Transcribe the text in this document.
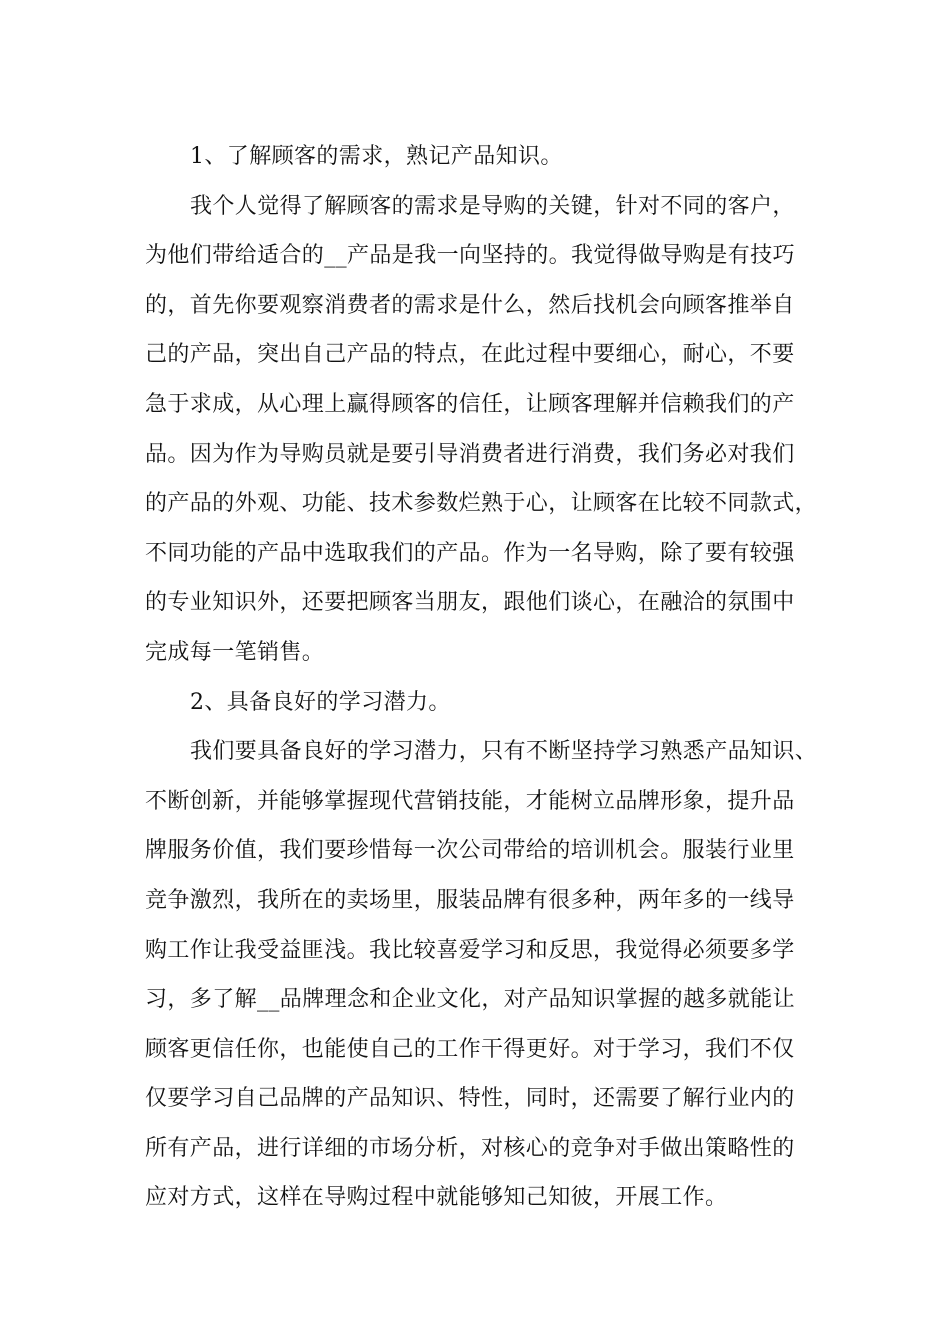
1、了解顾客的需求，熟记产品知识。
我个人觉得了解顾客的需求是导购的关键，针对不同的客户，
为他们带给适合的__产品是我一向坚持的。我觉得做导购是有技巧
的，首先你要观察消费者的需求是什么，然后找机会向顾客推举自
己的产品，突出自己产品的特点，在此过程中要细心，耐心，不要
急于求成，从心理上赢得顾客的信任，让顾客理解并信赖我们的产
品。因为作为导购员就是要引导消费者进行消费，我们务必对我们
的产品的外观、功能、技术参数烂熟于心，让顾客在比较不同款式，
不同功能的产品中选取我们的产品。作为一名导购，除了要有较强
的专业知识外，还要把顾客当朋友，跟他们谈心，在融洽的氛围中
完成每一笔销售。
2、具备良好的学习潜力。
我们要具备良好的学习潜力，只有不断坚持学习熟悉产品知识、
不断创新，并能够掌握现代营销技能，才能树立品牌形象，提升品
牌服务价值，我们要珍惜每一次公司带给的培训机会。服装行业里
竞争激烈，我所在的卖场里，服装品牌有很多种，两年多的一线导
购工作让我受益匪浅。我比较喜爱学习和反思，我觉得必须要多学
习，多了解__品牌理念和企业文化，对产品知识掌握的越多就能让
顾客更信任你，也能使自己的工作干得更好。对于学习，我们不仅
仅要学习自己品牌的产品知识、特性，同时，还需要了解行业内的
所有产品，进行详细的市场分析，对核心的竞争对手做出策略性的
应对方式，这样在导购过程中就能够知己知彼，开展工作。
